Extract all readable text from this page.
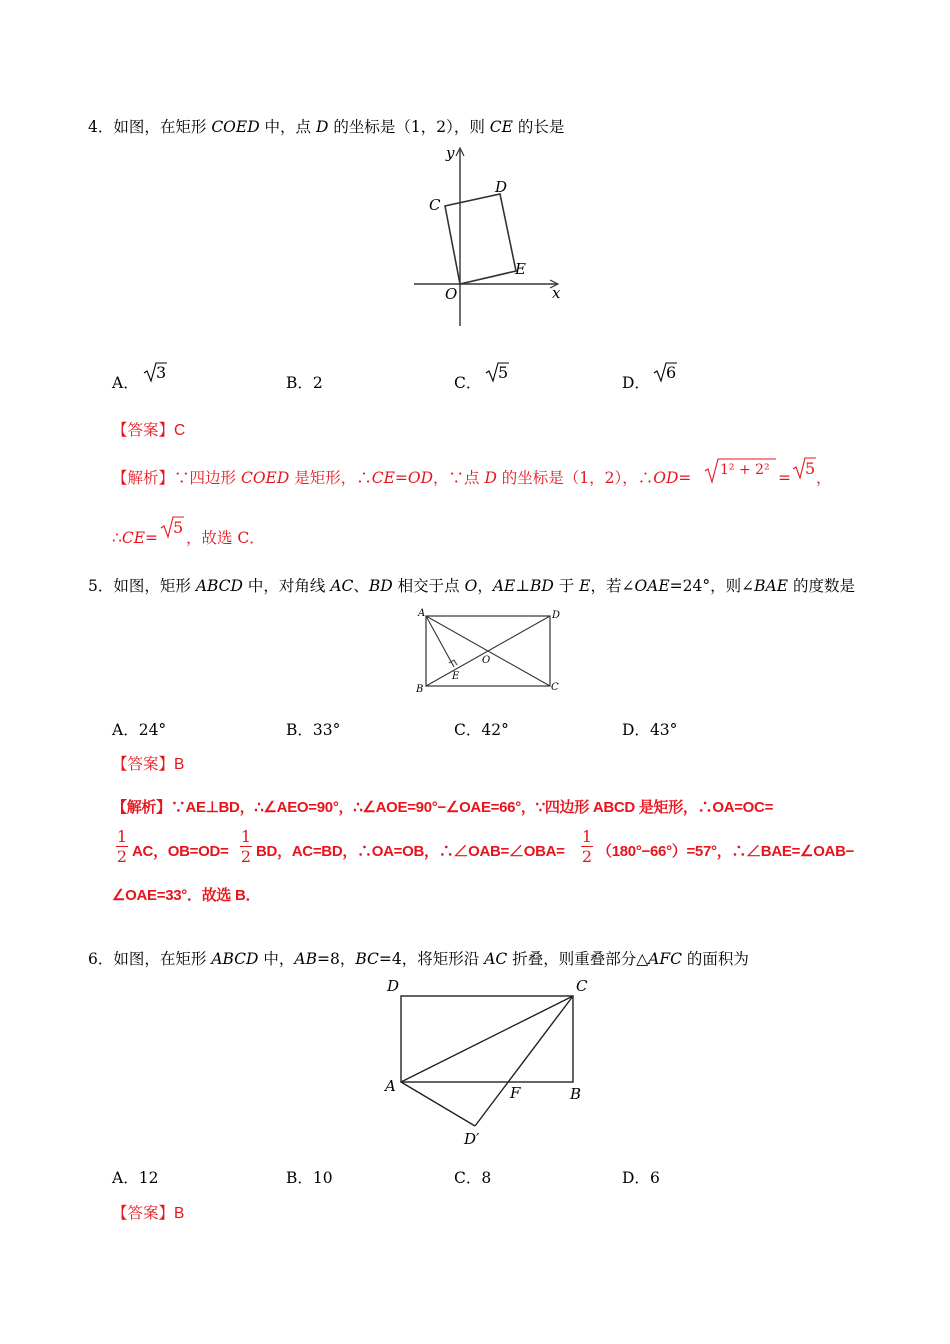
4．如图，在矩形 COED 中，点 D 的坐标是（1，2），则 CE 的长是
y
C
D
E
O	x
A．
3
B．2	C．
5
D．
6
【答案】C
【解析】∵四边形 COED 是矩形，∴CE=OD，∵点 D 的坐标是（1，2），∴OD= 1² + 2² = 5 ，
∴CE=
5
，故选 C．
5．如图，矩形 ABCD 中，对角线 AC、BD 相交于点 O，AE⊥BD 于 E，若∠OAE=24°，则∠BAE 的度数是
A	D
B	C
E
O
A．24°	B．33°	C．42°	D．43°
【答案】B
【解析】∵AE⊥BD，∴∠AEO=90°，∴∠AOE=90°−∠OAE=66°，∵四边形 ABCD 是矩形，∴OA=OC=
1
2 AC，OB=OD=
1
2 BD，AC=BD，∴OA=OB，∴∠OAB=∠OBA=
1
2 （180°−66°）=57°，∴∠BAE=∠OAB−
∠OAE=33°．故选 B．
6．如图，在矩形 ABCD 中，AB=8，BC=4，将矩形沿 AC 折叠，则重叠部分△AFC 的面积为
D	C
A	F	B
D′
A．12	B．10	C．8	D．6
【答案】B
